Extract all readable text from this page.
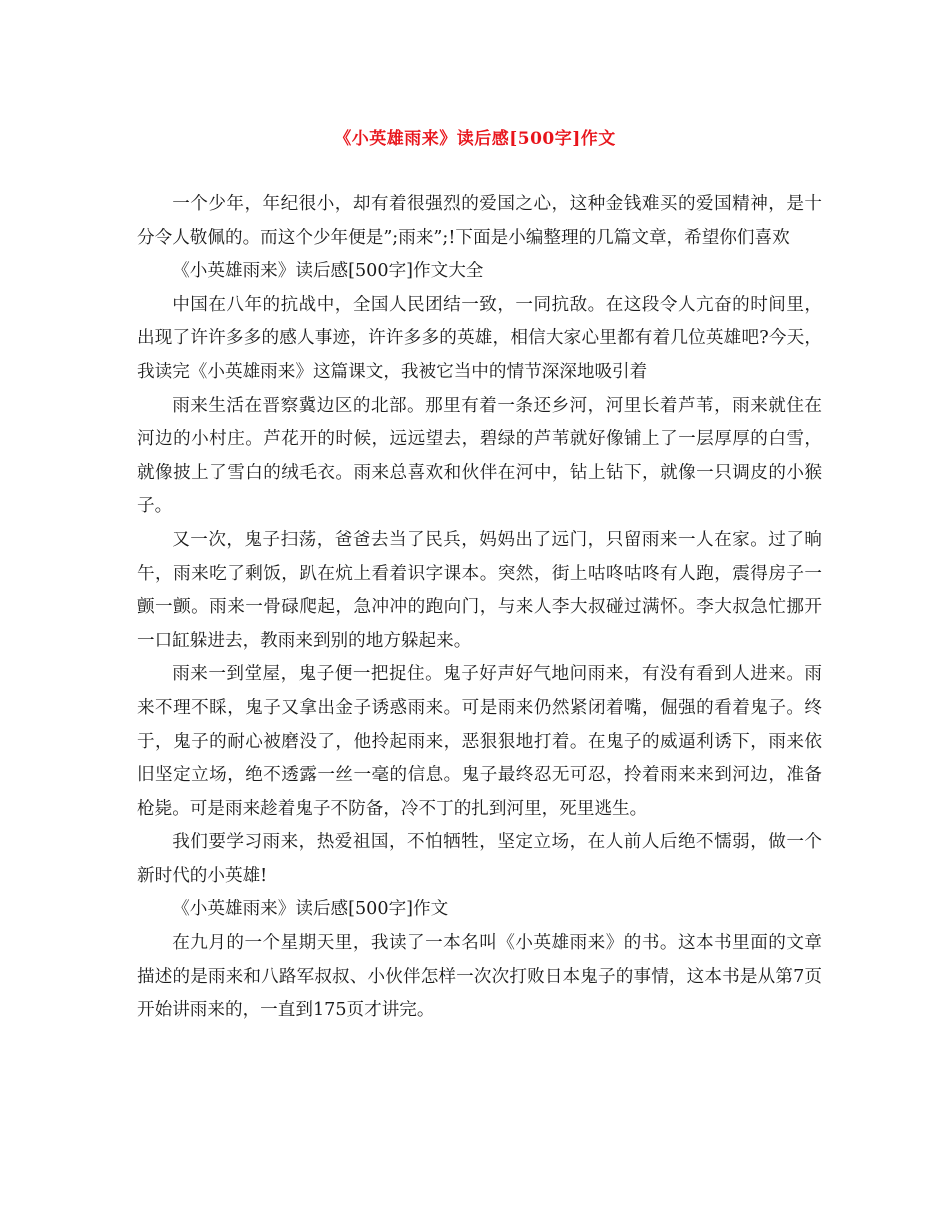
《小英雄雨来》读后感[500字]作文

一个少年，年纪很小，却有着很强烈的爱国之心，这种金钱难买的爱国精神，是十分令人敬佩的。而这个少年便是”;雨来”;!下面是小编整理的几篇文章，希望你们喜欢

《小英雄雨来》读后感[500字]作文大全

中国在八年的抗战中，全国人民团结一致，一同抗敌。在这段令人亢奋的时间里，出现了许许多多的感人事迹，许许多多的英雄，相信大家心里都有着几位英雄吧?今天，我读完《小英雄雨来》这篇课文，我被它当中的情节深深地吸引着

雨来生活在晋察冀边区的北部。那里有着一条还乡河，河里长着芦苇，雨来就住在河边的小村庄。芦花开的时候，远远望去，碧绿的芦苇就好像铺上了一层厚厚的白雪，就像披上了雪白的绒毛衣。雨来总喜欢和伙伴在河中，钻上钻下，就像一只调皮的小猴子。

又一次，鬼子扫荡，爸爸去当了民兵，妈妈出了远门，只留雨来一人在家。过了晌午，雨来吃了剩饭，趴在炕上看着识字课本。突然，街上咕咚咕咚有人跑，震得房子一颤一颤。雨来一骨碌爬起，急冲冲的跑向门，与来人李大叔碰过满怀。李大叔急忙挪开一口缸躲进去，教雨来到别的地方躲起来。

雨来一到堂屋，鬼子便一把捉住。鬼子好声好气地问雨来，有没有看到人进来。雨来不理不睬，鬼子又拿出金子诱惑雨来。可是雨来仍然紧闭着嘴，倔强的看着鬼子。终于，鬼子的耐心被磨没了，他拎起雨来，恶狠狠地打着。在鬼子的威逼利诱下，雨来依旧坚定立场，绝不透露一丝一毫的信息。鬼子最终忍无可忍，拎着雨来来到河边，准备枪毙。可是雨来趁着鬼子不防备，冷不丁的扎到河里，死里逃生。

我们要学习雨来，热爱祖国，不怕牺牲，坚定立场，在人前人后绝不懦弱，做一个新时代的小英雄!

《小英雄雨来》读后感[500字]作文

在九月的一个星期天里，我读了一本名叫《小英雄雨来》的书。这本书里面的文章描述的是雨来和八路军叔叔、小伙伴怎样一次次打败日本鬼子的事情，这本书是从第7页开始讲雨来的，一直到175页才讲完。
